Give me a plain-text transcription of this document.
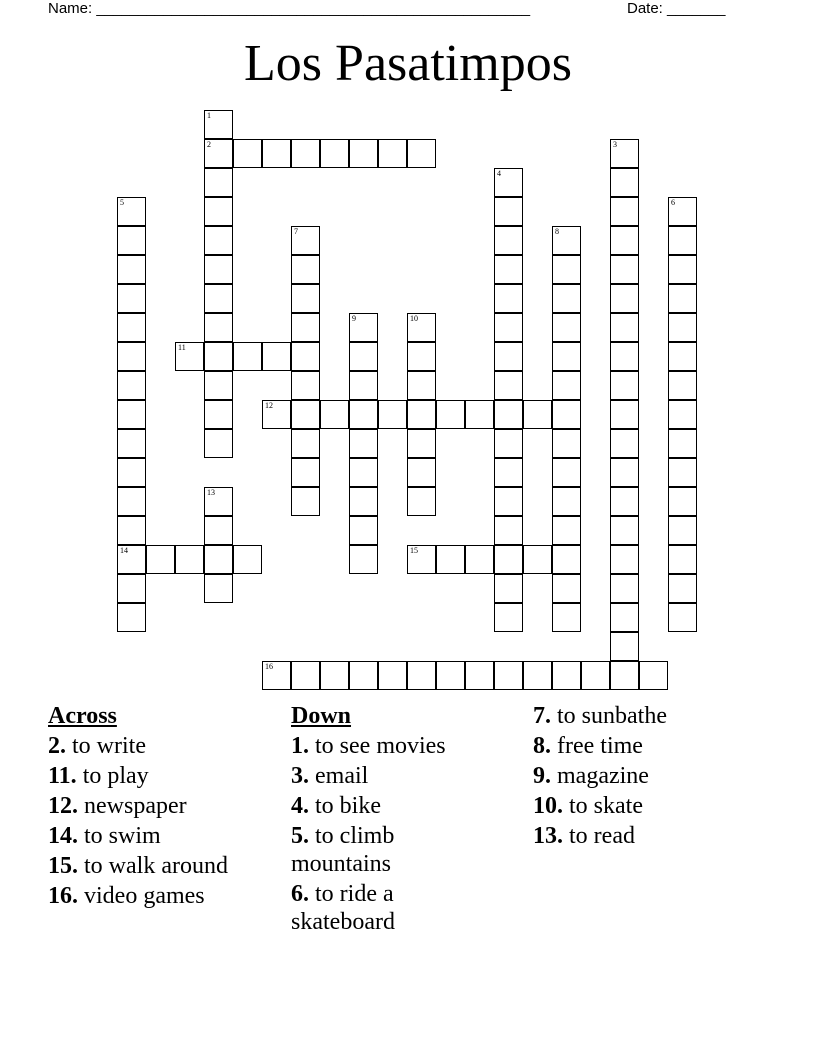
Name: ____________________________________________________	Date: _______
Los Pasatimpos
1
2	3
4
5
14
6
7	8
9	10
11
12
13
15
16
Across
2. to write
11. to play
12. newspaper
14. to swim
15. to walk around
16. video games
Down
1. to see movies
3. email
4. to bike
5. to climb mountains
6. to ride a skateboard
7. to sunbathe
8. free time
9. magazine
10. to skate
13. to read
